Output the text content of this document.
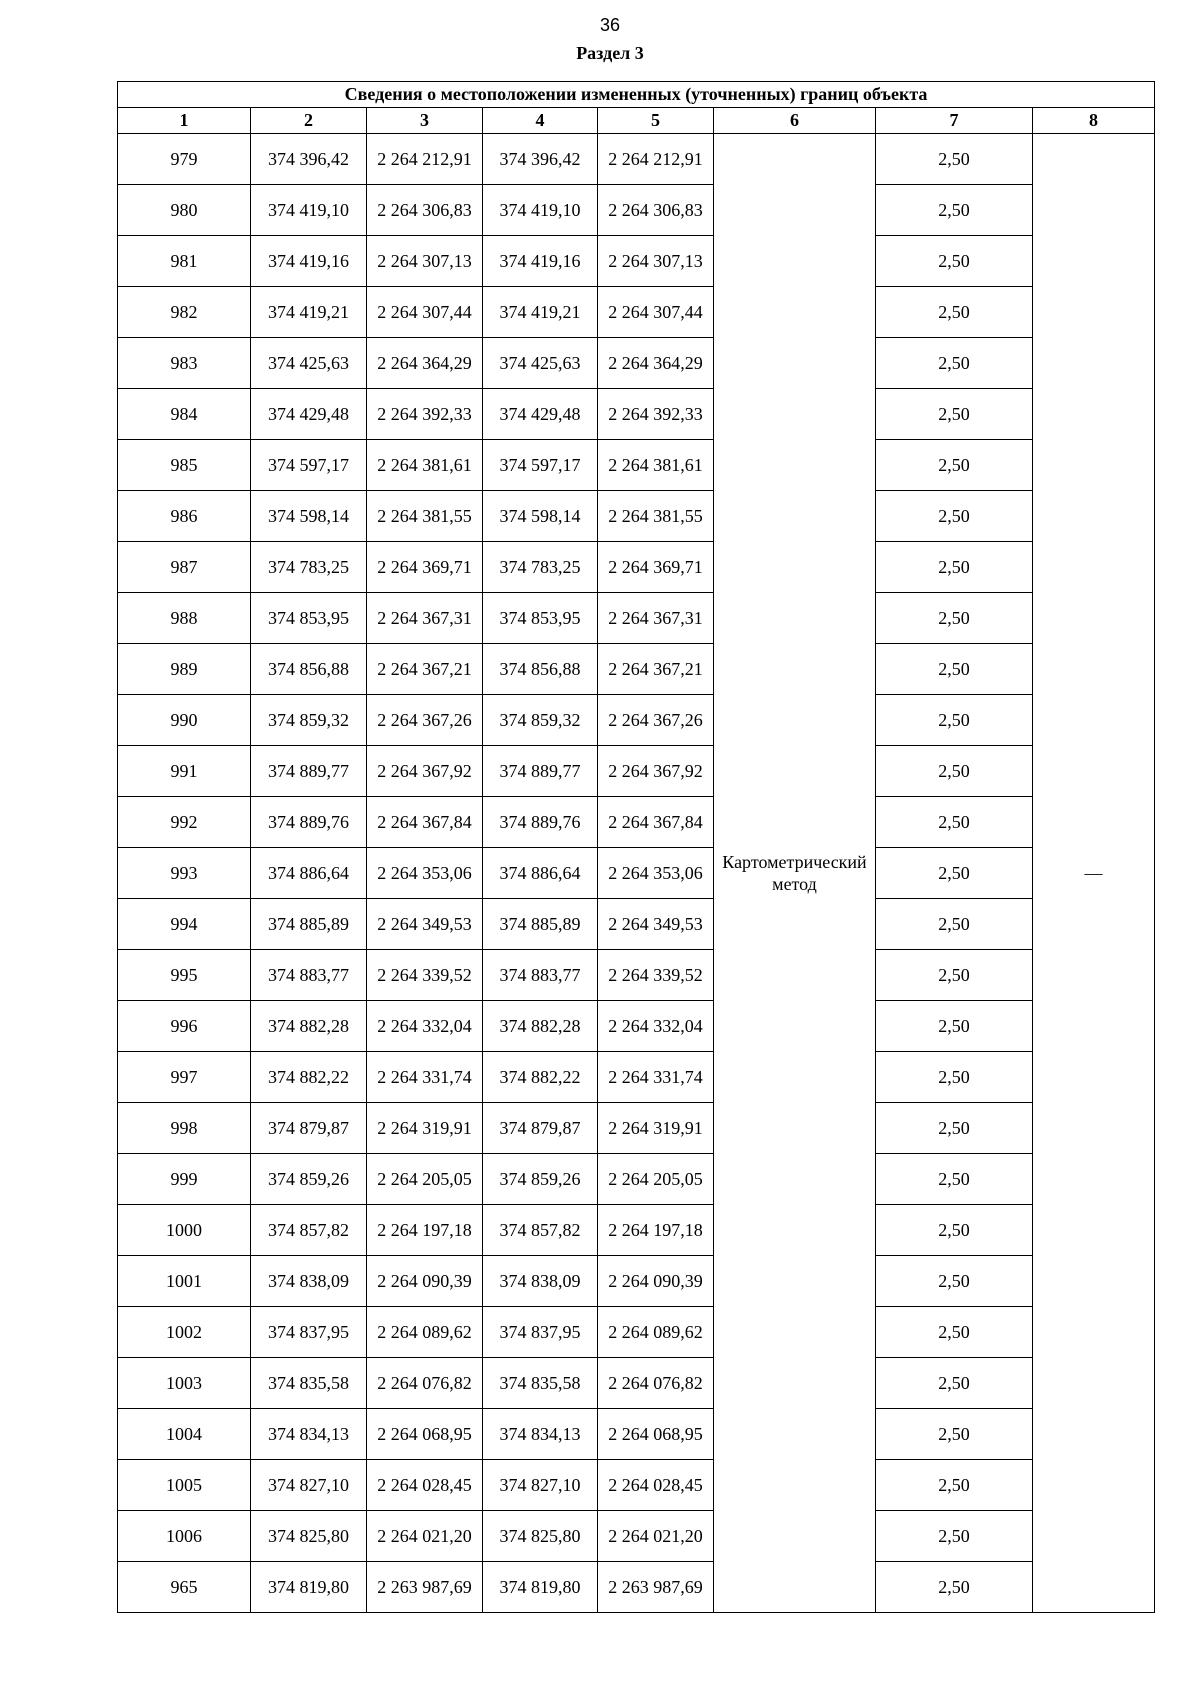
36
Раздел 3
Сведения о местоположении измененных (уточненных) границ объекта							
1	2	3	4	5	6	7	8
979	374 396,42	2 264 212,91	374 396,42	2 264 212,91	Картометрический метод	2,50	—
980	374 419,10	2 264 306,83	374 419,10	2 264 306,83		2,50	
981	374 419,16	2 264 307,13	374 419,16	2 264 307,13		2,50	
982	374 419,21	2 264 307,44	374 419,21	2 264 307,44		2,50	
983	374 425,63	2 264 364,29	374 425,63	2 264 364,29		2,50	
984	374 429,48	2 264 392,33	374 429,48	2 264 392,33		2,50	
985	374 597,17	2 264 381,61	374 597,17	2 264 381,61		2,50	
986	374 598,14	2 264 381,55	374 598,14	2 264 381,55		2,50	
987	374 783,25	2 264 369,71	374 783,25	2 264 369,71		2,50	
988	374 853,95	2 264 367,31	374 853,95	2 264 367,31		2,50	
989	374 856,88	2 264 367,21	374 856,88	2 264 367,21		2,50	
990	374 859,32	2 264 367,26	374 859,32	2 264 367,26		2,50	
991	374 889,77	2 264 367,92	374 889,77	2 264 367,92		2,50	
992	374 889,76	2 264 367,84	374 889,76	2 264 367,84		2,50	
993	374 886,64	2 264 353,06	374 886,64	2 264 353,06		2,50	
994	374 885,89	2 264 349,53	374 885,89	2 264 349,53		2,50	
995	374 883,77	2 264 339,52	374 883,77	2 264 339,52		2,50	
996	374 882,28	2 264 332,04	374 882,28	2 264 332,04		2,50	
997	374 882,22	2 264 331,74	374 882,22	2 264 331,74		2,50	
998	374 879,87	2 264 319,91	374 879,87	2 264 319,91		2,50	
999	374 859,26	2 264 205,05	374 859,26	2 264 205,05		2,50	
1000	374 857,82	2 264 197,18	374 857,82	2 264 197,18		2,50	
1001	374 838,09	2 264 090,39	374 838,09	2 264 090,39		2,50	
1002	374 837,95	2 264 089,62	374 837,95	2 264 089,62		2,50	
1003	374 835,58	2 264 076,82	374 835,58	2 264 076,82		2,50	
1004	374 834,13	2 264 068,95	374 834,13	2 264 068,95		2,50	
1005	374 827,10	2 264 028,45	374 827,10	2 264 028,45		2,50	
1006	374 825,80	2 264 021,20	374 825,80	2 264 021,20		2,50	
965	374 819,80	2 263 987,69	374 819,80	2 263 987,69		2,50	
